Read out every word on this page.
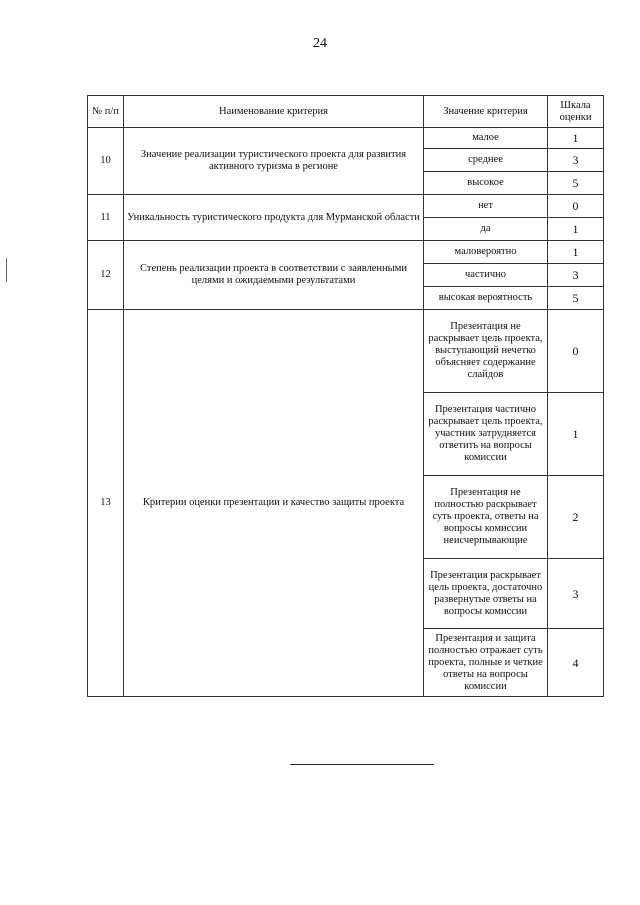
24
№ п/п	Наименование критерия	Значение критерия	Шкала оценки
10	Значение реализации туристического проекта для развития активного туризма в регионе	малое	1
		среднее	3
		высокое	5
11	Уникальность туристического продукта для Мурманской области	нет	0
		да	1
12	Степень реализации проекта в соответствии с заявленными целями и ожидаемыми результатами	маловероятно	1
		частично	3
		высокая вероятность	5
13	Критерии оценки презентации и качество защиты проекта	Презентация не раскрывает цель проекта, выступающий нечетко объясняет содержание слайдов	0
		Презентация частично раскрывает цель проекта, участник затрудняется ответить на вопросы комиссии	1
		Презентация не полностью раскрывает суть проекта, ответы на вопросы комиссии неисчерпывающие	2
		Презентация раскрывает цель проекта, достаточно развернутые ответы на вопросы комиссии	3
		Презентация и защита полностью отражает суть проекта, полные и четкие ответы на вопросы комиссии	4
